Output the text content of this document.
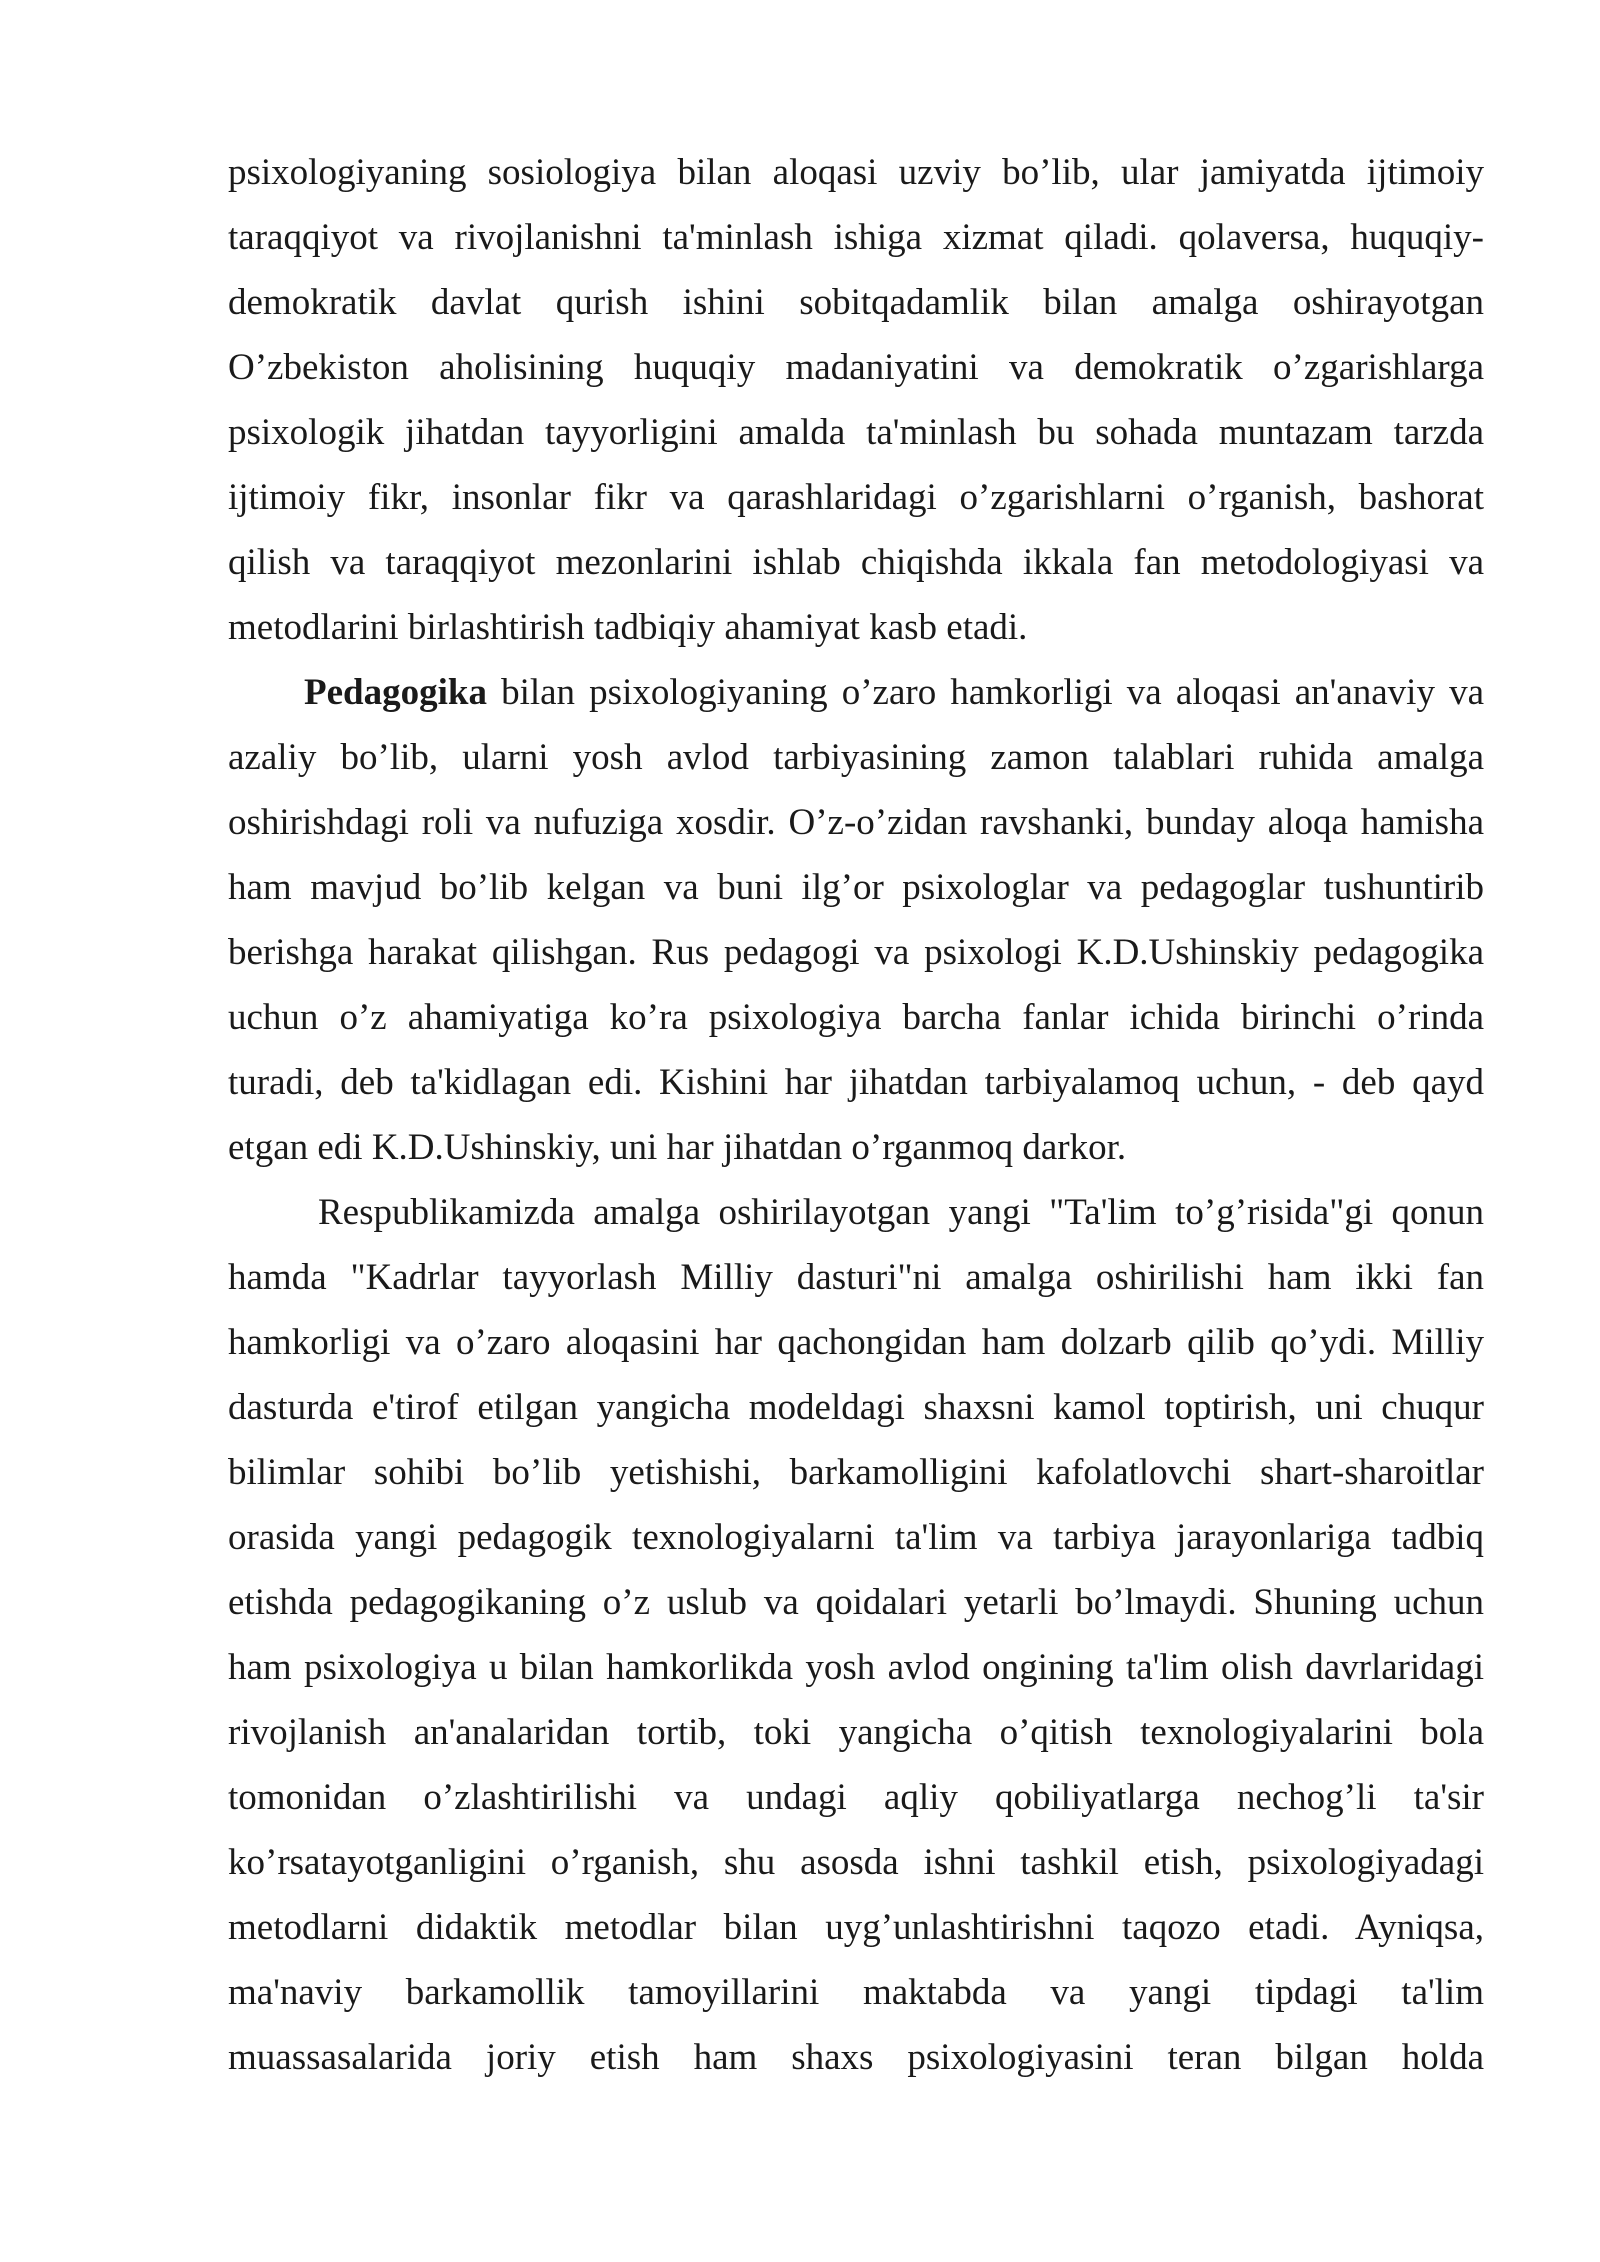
psixologiyaning sosiologiya bilan aloqasi uzviy bo’lib, ular jamiyatda ijtimoiy
taraqqiyot va rivojlanishni ta'minlash ishiga xizmat qiladi. qolaversa, huquqiy-
demokratik davlat qurish ishini sobitqadamlik bilan amalga oshirayotgan
O’zbekiston aholisining huquqiy madaniyatini va demokratik o’zgarishlarga
psixologik jihatdan tayyorligini amalda ta'minlash bu sohada muntazam tarzda
ijtimoiy fikr, insonlar fikr va qarashlaridagi o’zgarishlarni o’rganish, bashorat
qilish va taraqqiyot mezonlarini ishlab chiqishda ikkala fan metodologiyasi va
metodlarini birlashtirish tadbiqiy ahamiyat kasb etadi.
Pedagogika bilan psixologiyaning o’zaro hamkorligi va aloqasi an'anaviy va
azaliy bo’lib, ularni yosh avlod tarbiyasining zamon talablari ruhida amalga
oshirishdagi roli va nufuziga xosdir. O’z-o’zidan ravshanki, bunday aloqa hamisha
ham mavjud bo’lib kelgan va buni ilg’or psixologlar va pedagoglar tushuntirib
berishga harakat qilishgan. Rus pedagogi va psixologi K.D.Ushinskiy pedagogika
uchun o’z ahamiyatiga ko’ra psixologiya barcha fanlar ichida birinchi o’rinda
turadi, deb ta'kidlagan edi. Kishini har jihatdan tarbiyalamoq uchun, - deb qayd
etgan edi K.D.Ushinskiy, uni har jihatdan o’rganmoq darkor.
Respublikamizda amalga oshirilayotgan yangi "Ta'lim to’g’risida"gi qonun
hamda "Kadrlar tayyorlash Milliy dasturi"ni amalga oshirilishi ham ikki fan
hamkorligi va o’zaro aloqasini har qachongidan ham dolzarb qilib qo’ydi. Milliy
dasturda e'tirof etilgan yangicha modeldagi shaxsni kamol toptirish, uni chuqur
bilimlar sohibi bo’lib yetishishi, barkamolligini kafolatlovchi shart-sharoitlar
orasida yangi pedagogik texnologiyalarni ta'lim va tarbiya jarayonlariga tadbiq
etishda pedagogikaning o’z uslub va qoidalari yetarli bo’lmaydi. Shuning uchun
ham psixologiya u bilan hamkorlikda yosh avlod ongining ta'lim olish davrlaridagi
rivojlanish an'analaridan tortib, toki yangicha o’qitish texnologiyalarini bola
tomonidan o’zlashtirilishi va undagi aqliy qobiliyatlarga nechog’li ta'sir
ko’rsatayotganligini o’rganish, shu asosda ishni tashkil etish, psixologiyadagi
metodlarni didaktik metodlar bilan uyg’unlashtirishni taqozo etadi. Ayniqsa,
ma'naviy barkamollik tamoyillarini maktabda va yangi tipdagi ta'lim
muassasalarida joriy etish ham shaxs psixologiyasini teran bilgan holda
